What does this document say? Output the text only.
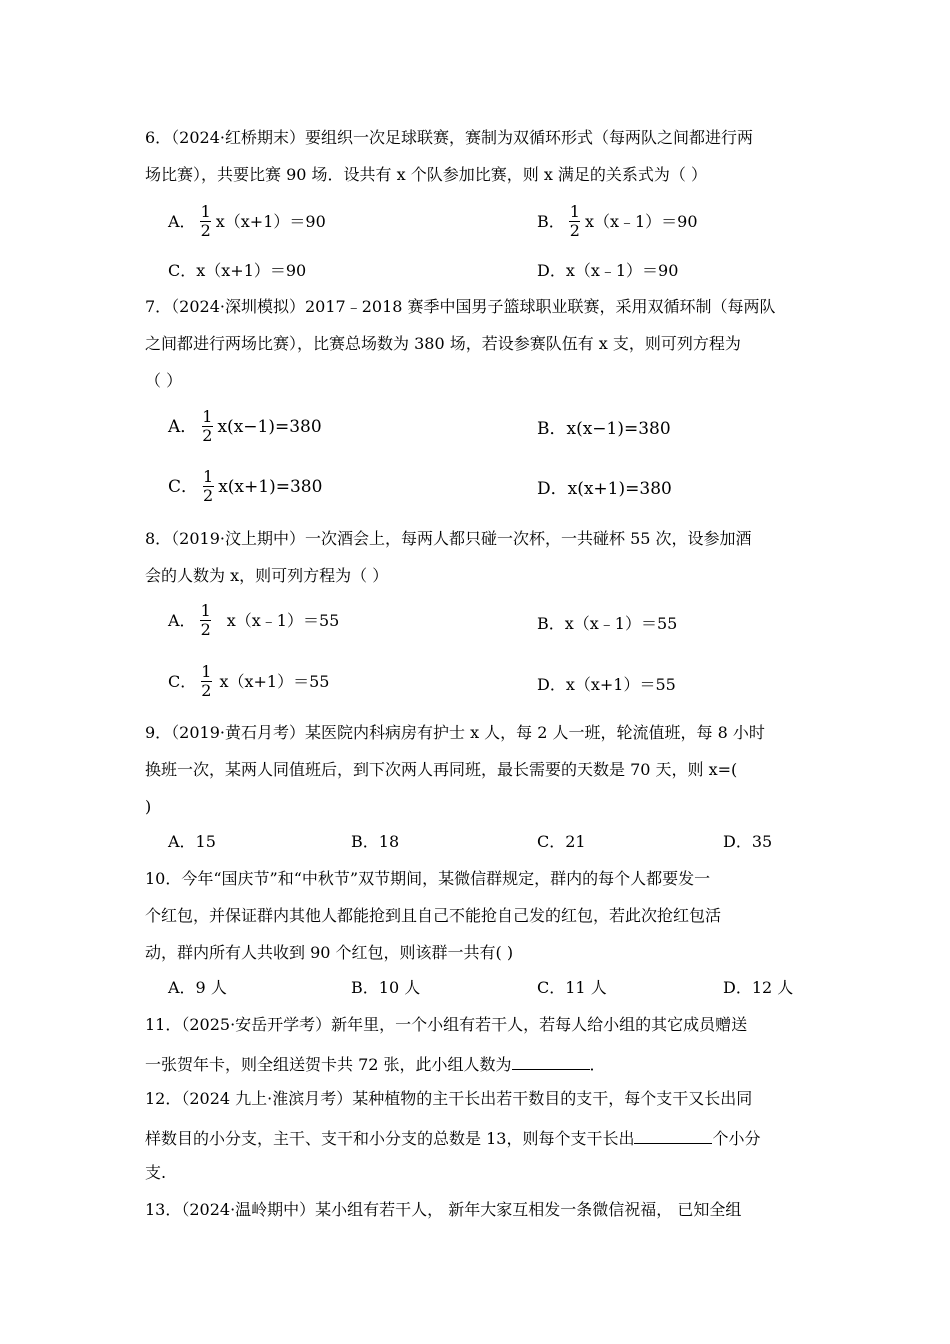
6．（2024·红桥期末）要组织一次足球联赛，赛制为双循环形式（每两队之间都进行两
场比赛），共要比赛 90 场．设共有 x 个队参加比赛，则 x 满足的关系式为（ ）
A． $\frac{1}{2} x(x+1)=90$	B． $\frac{1}{2}$ x（x﹣1）＝90
C．x（x+1）＝90	D．x（x﹣1）＝90
7．（2024·深圳模拟）2017﹣2018 赛季中国男子篮球职业联赛，采用双循环制（每两队
之间都进行两场比赛），比赛总场数为 380 场，若设参赛队伍有 x 支，则可列方程为
（ ）
A． $\frac{1}{2} x(x-1)=380$	B．x(x−1)=380
C． $\frac{1}{2} x(x+1)=380$	D．x(x+1)=380
8．（2019·汶上期中）一次酒会上，每两人都只碰一次杯，一共碰杯 55 次，设参加酒
会的人数为 x，则可列方程为（ ）
A． $\frac{1}{2}$ x（x﹣1）＝55	B．x（x﹣1）＝55
C． $\frac{1}{2} x(x+1)=55$	D．x（x+1）＝55
9．（2019·黄石月考）某医院内科病房有护士 x 人，每 2 人一班，轮流值班，每 8 小时
换班一次，某两人同值班后，到下次两人再同班，最长需要的天数是 70 天，则 x=(
)
A．15	B．18	C．21	D．35
10．今年“国庆节”和“中秋节”双节期间，某微信群规定，群内的每个人都要发一
个红包，并保证群内其他人都能抢到且自己不能抢自己发的红包，若此次抢红包活
动，群内所有人共收到 90 个红包，则该群一共有( )
A．9 人	B．10 人	C．11 人	D．12 人
11．（2025·安岳开学考）新年里，一个小组有若干人，若每人给小组的其它成员赠送
一张贺年卡，则全组送贺卡共 72 张，此小组人数为	．
12．（2024 九上·淮滨月考）某种植物的主干长出若干数目的支干，每个支干又长出同
样数目的小分支，主干、支干和小分支的总数是 13，则每个支干长出	个小分
支.
13．（2024·温岭期中）某小组有若干人， 新年大家互相发一条微信祝福， 已知全组
